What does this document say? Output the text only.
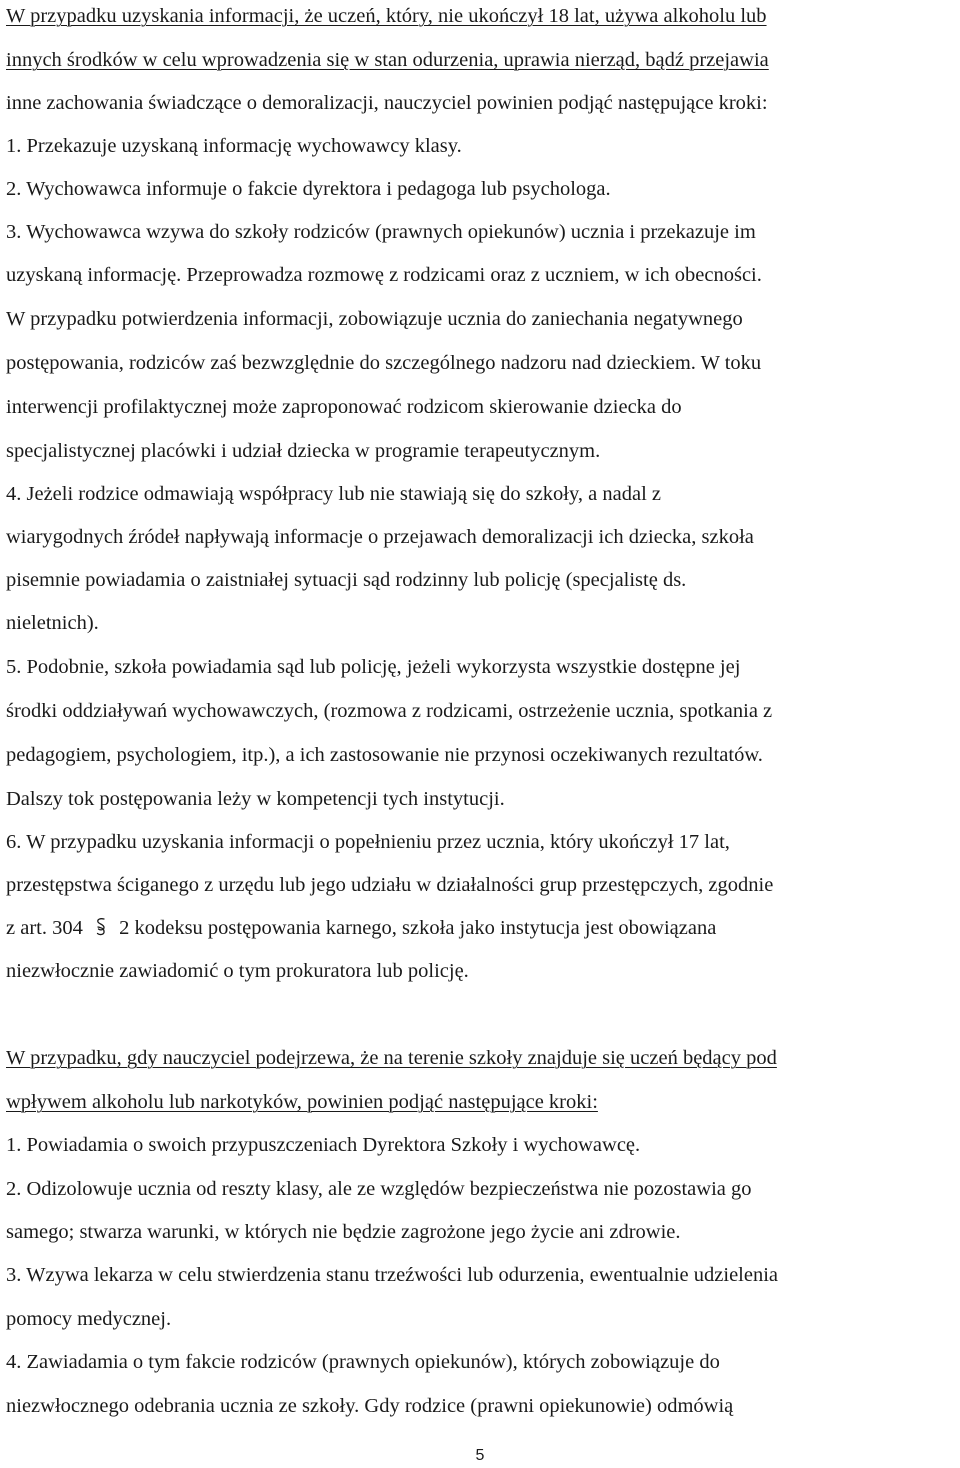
W przypadku uzyskania informacji, że uczeń, który, nie ukończył 18 lat, używa alkoholu lub
innych środków w celu wprowadzenia się w stan odurzenia, uprawia nierząd, bądź przejawia
inne zachowania świadczące o demoralizacji, nauczyciel powinien podjąć następujące kroki:
1. Przekazuje uzyskaną informację wychowawcy klasy.
2. Wychowawca informuje o fakcie dyrektora i pedagoga lub psychologa.
3. Wychowawca wzywa do szkoły rodziców (prawnych opiekunów) ucznia i przekazuje im
uzyskaną informację. Przeprowadza rozmowę z rodzicami oraz z uczniem, w ich obecności.
W przypadku potwierdzenia informacji, zobowiązuje ucznia do zaniechania negatywnego
postępowania, rodziców zaś bezwzględnie do szczególnego nadzoru nad dzieckiem. W toku
interwencji profilaktycznej może zaproponować rodzicom skierowanie dziecka do
specjalistycznej placówki i udział dziecka w programie terapeutycznym.
4. Jeżeli rodzice odmawiają współpracy lub nie stawiają się do szkoły, a nadal z
wiarygodnych źródeł napływają informacje o przejawach demoralizacji ich dziecka, szkoła
pisemnie powiadamia o zaistniałej sytuacji sąd rodzinny lub policję (specjalistę ds.
nieletnich).
5. Podobnie, szkoła powiadamia sąd lub policję, jeżeli wykorzysta wszystkie dostępne jej
środki oddziaływań wychowawczych, (rozmowa z rodzicami, ostrzeżenie ucznia, spotkania z
pedagogiem, psychologiem, itp.), a ich zastosowanie nie przynosi oczekiwanych rezultatów.
Dalszy tok postępowania leży w kompetencji tych instytucji.
6. W przypadku uzyskania informacji o popełnieniu przez ucznia, który ukończył 17 lat,
przestępstwa ściganego z urzędu lub jego udziału w działalności grup przestępczych, zgodnie
z art. 304 2 kodeksu postępowania karnego, szkoła jako instytucja jest obowiązana
niezwłocznie zawiadomić o tym prokuratora lub policję.
W przypadku, gdy nauczyciel podejrzewa, że na terenie szkoły znajduje się uczeń będący pod
wpływem alkoholu lub narkotyków, powinien podjąć następujące kroki:
1. Powiadamia o swoich przypuszczeniach Dyrektora Szkoły i wychowawcę.
2. Odizolowuje ucznia od reszty klasy, ale ze względów bezpieczeństwa nie pozostawia go
samego; stwarza warunki, w których nie będzie zagrożone jego życie ani zdrowie.
3. Wzywa lekarza w celu stwierdzenia stanu trzeźwości lub odurzenia, ewentualnie udzielenia
pomocy medycznej.
4. Zawiadamia o tym fakcie rodziców (prawnych opiekunów), których zobowiązuje do
niezwłocznego odebrania ucznia ze szkoły. Gdy rodzice (prawni opiekunowie) odmówią
5
